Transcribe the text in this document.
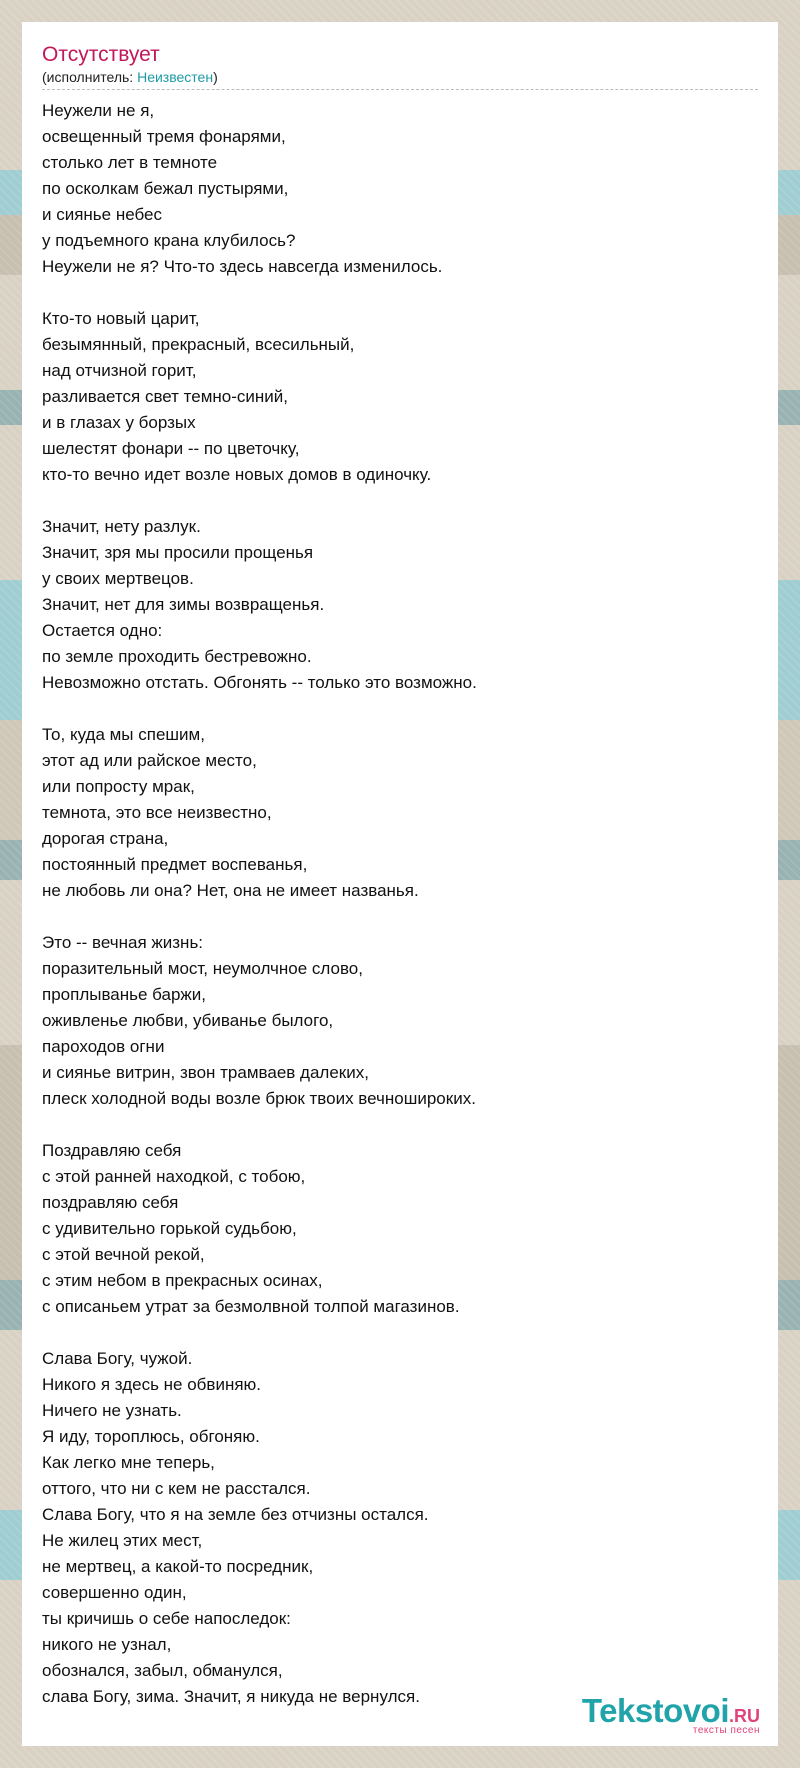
Отсутствует
(исполнитель: Неизвестен)
Неужели не я,
освещенный тремя фонарями,
столько лет в темноте
по осколкам бежал пустырями,
и сиянье небес
у подъемного крана клубилось?
Неужели не я? Что-то здесь навсегда изменилось.
Кто-то новый царит,
безымянный, прекрасный, всесильный,
над отчизной горит,
разливается свет темно-синий,
и в глазах у борзых
шелестят фонари -- по цветочку,
кто-то вечно идет возле новых домов в одиночку.
Значит, нету разлук.
Значит, зря мы просили прощенья
у своих мертвецов.
Значит, нет для зимы возвращенья.
Остается одно:
по земле проходить бестревожно.
Невозможно отстать. Обгонять -- только это возможно.
То, куда мы спешим,
этот ад или райское место,
или попросту мрак,
темнота, это все неизвестно,
дорогая страна,
постоянный предмет воспеванья,
не любовь ли она? Нет, она не имеет названья.
Это -- вечная жизнь:
поразительный мост, неумолчное слово,
проплыванье баржи,
оживленье любви, убиванье былого,
пароходов огни
и сиянье витрин, звон трамваев далеких,
плеск холодной воды возле брюк твоих вечношироких.
Поздравляю себя
с этой ранней находкой, с тобою,
поздравляю себя
с удивительно горькой судьбою,
с этой вечной рекой,
с этим небом в прекрасных осинах,
с описаньем утрат за безмолвной толпой магазинов.
Слава Богу, чужой.
Никого я здесь не обвиняю.
Ничего не узнать.
Я иду, тороплюсь, обгоняю.
Как легко мне теперь,
оттого, что ни с кем не расстался.
Слава Богу, что я на земле без отчизны остался.
Не жилец этих мест,
не мертвец, а какой-то посредник,
совершенно один,
ты кричишь о себе напоследок:
никого не узнал,
обознался, забыл, обманулся,
слава Богу, зима. Значит, я никуда не вернулся.	Tekstovoi.RU
тексты песен
